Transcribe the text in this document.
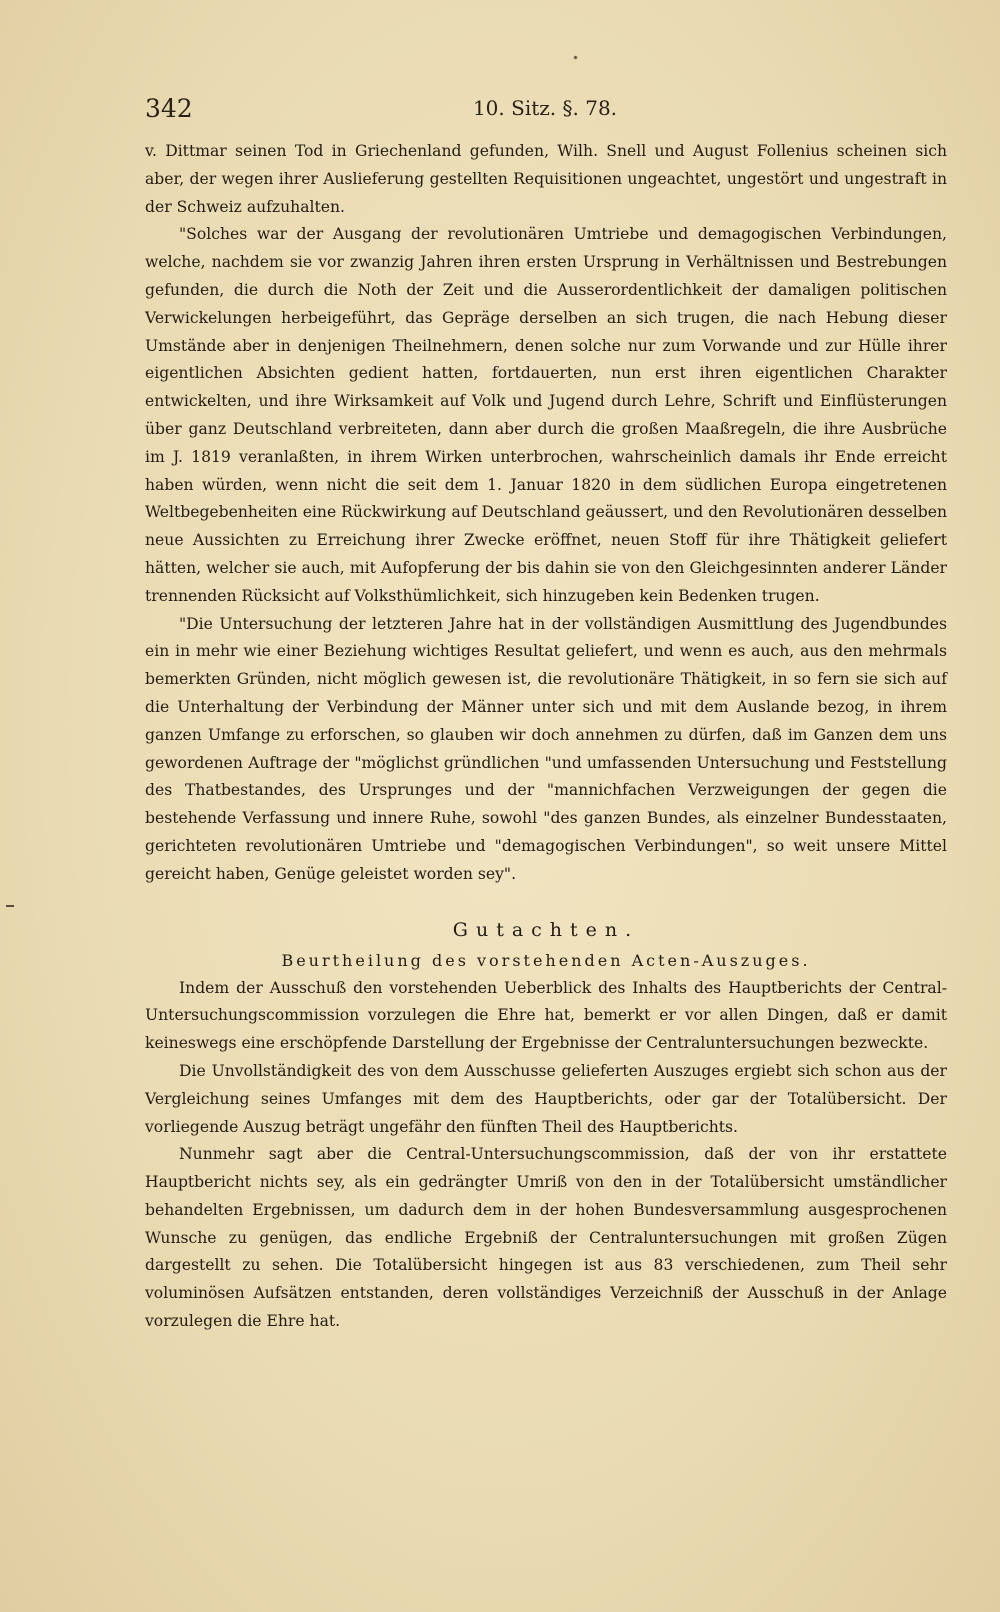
342	10. Sitz. §. 78.

v. Dittmar seinen Tod in Griechenland gefunden, Wilh. Snell und August Follenius scheinen sich aber, der wegen ihrer Auslieferung gestellten Requisitionen ungeachtet, ungestört und ungestraft in der Schweiz aufzuhalten.

"Solches war der Ausgang der revolutionären Umtriebe und demagogischen Verbindungen, welche, nachdem sie vor zwanzig Jahren ihren ersten Ursprung in Verhältnissen und Bestrebungen gefunden, die durch die Noth der Zeit und die Ausserordentlichkeit der damaligen politischen Verwickelungen herbeigeführt, das Gepräge derselben an sich trugen, die nach Hebung dieser Umstände aber in denjenigen Theilnehmern, denen solche nur zum Vorwande und zur Hülle ihrer eigentlichen Absichten gedient hatten, fortdauerten, nun erst ihren eigentlichen Charakter entwickelten, und ihre Wirksamkeit auf Volk und Jugend durch Lehre, Schrift und Einflüsterungen über ganz Deutschland verbreiteten, dann aber durch die großen Maaßregeln, die ihre Ausbrüche im J. 1819 veranlaßten, in ihrem Wirken unterbrochen, wahrscheinlich damals ihr Ende erreicht haben würden, wenn nicht die seit dem 1. Januar 1820 in dem südlichen Europa eingetretenen Weltbegebenheiten eine Rückwirkung auf Deutschland geäussert, und den Revolutionären desselben neue Aussichten zu Erreichung ihrer Zwecke eröffnet, neuen Stoff für ihre Thätigkeit geliefert hätten, welcher sie auch, mit Aufopferung der bis dahin sie von den Gleichgesinnten anderer Länder trennenden Rücksicht auf Volksthümlichkeit, sich hinzugeben kein Bedenken trugen.

"Die Untersuchung der letzteren Jahre hat in der vollständigen Ausmittlung des Jugendbundes ein in mehr wie einer Beziehung wichtiges Resultat geliefert, und wenn es auch, aus den mehrmals bemerkten Gründen, nicht möglich gewesen ist, die revolutionäre Thätigkeit, in so fern sie sich auf die Unterhaltung der Verbindung der Männer unter sich und mit dem Auslande bezog, in ihrem ganzen Umfange zu erforschen, so glauben wir doch annehmen zu dürfen, daß im Ganzen dem uns gewordenen Auftrage der "möglichst gründlichen "und umfassenden Untersuchung und Feststellung des Thatbestandes, des Ursprunges und der "mannichfachen Verzweigungen der gegen die bestehende Verfassung und innere Ruhe, sowohl "des ganzen Bundes, als einzelner Bundesstaaten, gerichteten revolutionären Umtriebe und "demagogischen Verbindungen", so weit unsere Mittel gereicht haben, Genüge geleistet worden sey".

Gutachten.
Beurtheilung des vorstehenden Acten-Auszuges.

Indem der Ausschuß den vorstehenden Ueberblick des Inhalts des Hauptberichts der Central-Untersuchungscommission vorzulegen die Ehre hat, bemerkt er vor allen Dingen, daß er damit keineswegs eine erschöpfende Darstellung der Ergebnisse der Centraluntersuchungen bezweckte.

Die Unvollständigkeit des von dem Ausschusse gelieferten Auszuges ergiebt sich schon aus der Vergleichung seines Umfanges mit dem des Hauptberichts, oder gar der Totalübersicht. Der vorliegende Auszug beträgt ungefähr den fünften Theil des Hauptberichts.

Nunmehr sagt aber die Central-Untersuchungscommission, daß der von ihr erstattete Hauptbericht nichts sey, als ein gedrängter Umriß von den in der Totalübersicht umständlicher behandelten Ergebnissen, um dadurch dem in der hohen Bundesversammlung ausgesprochenen Wunsche zu genügen, das endliche Ergebniß der Centraluntersuchungen mit großen Zügen dargestellt zu sehen. Die Totalübersicht hingegen ist aus 83 verschiedenen, zum Theil sehr voluminösen Aufsätzen entstanden, deren vollständiges Verzeichniß der Ausschuß in der Anlage vorzulegen die Ehre hat.
